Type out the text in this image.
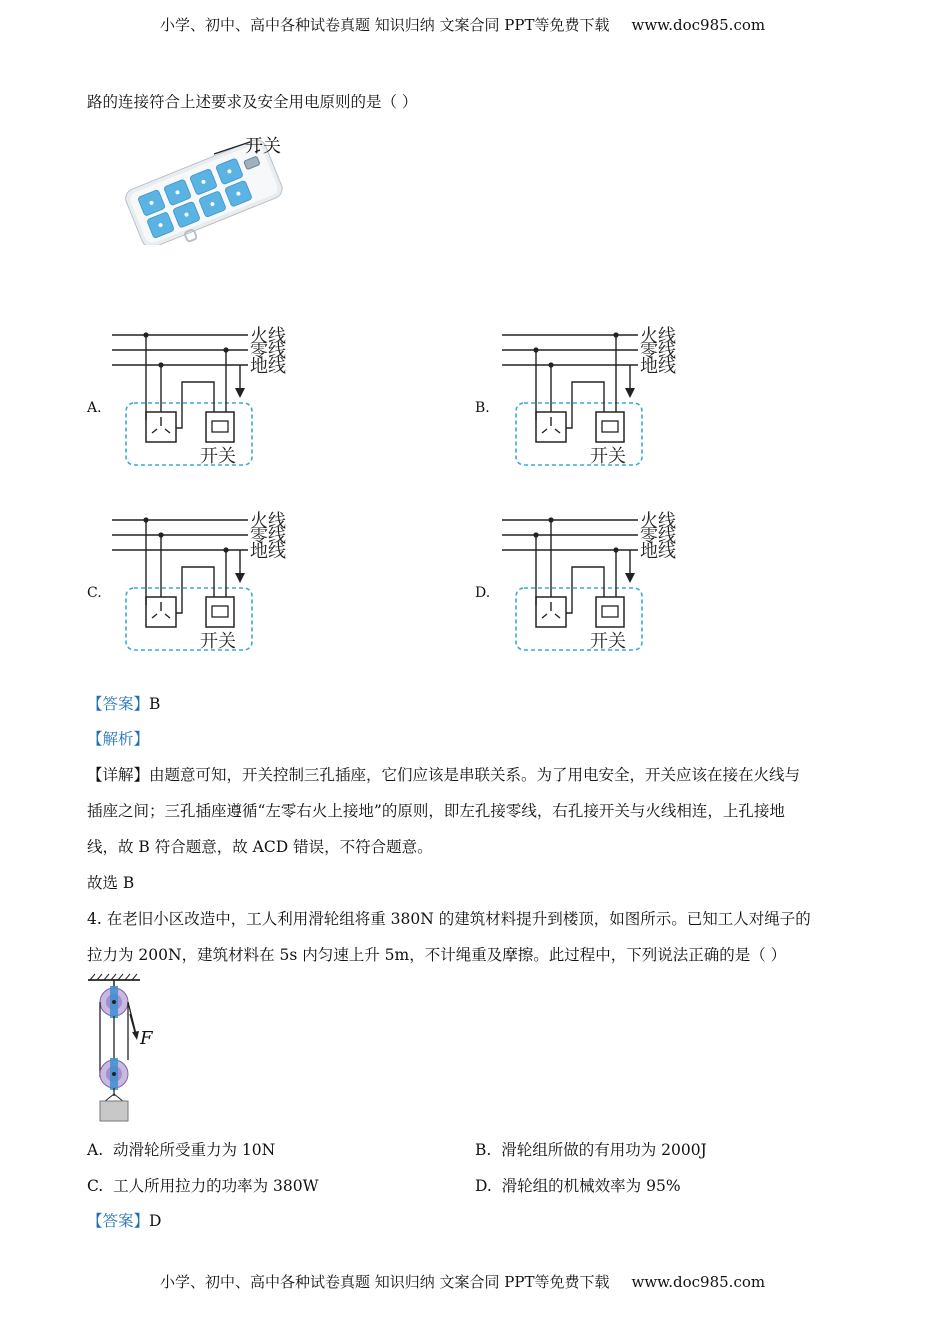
小学、初中、高中各种试卷真题 知识归纳 文案合同 PPT等免费下载 www.doc985.com
路的连接符合上述要求及安全用电原则的是（ ）
开关
A.	B.
C.	D.
火线
零线
地线
开关
火线
零线
地线
开关
火线
零线
地线
开关
火线
零线
地线
开关
【答案】B
【解析】
【详解】由题意可知，开关控制三孔插座，它们应该是串联关系。为了用电安全，开关应该在接在火线与
插座之间；三孔插座遵循“左零右火上接地”的原则，即左孔接零线，右孔接开关与火线相连，上孔接地
线，故 B 符合题意，故 ACD 错误，不符合题意。
故选 B
4. 在老旧小区改造中，工人利用滑轮组将重 380N 的建筑材料提升到楼顶，如图所示。已知工人对绳子的
拉力为 200N，建筑材料在 5s 内匀速上升 5m，不计绳重及摩擦。此过程中，下列说法正确的是（ ）
F
A. 动滑轮所受重力为 10N	B. 滑轮组所做的有用功为 2000J
C. 工人所用拉力的功率为 380W	D. 滑轮组的机械效率为 95%
【答案】D
小学、初中、高中各种试卷真题 知识归纳 文案合同 PPT等免费下载 www.doc985.com
